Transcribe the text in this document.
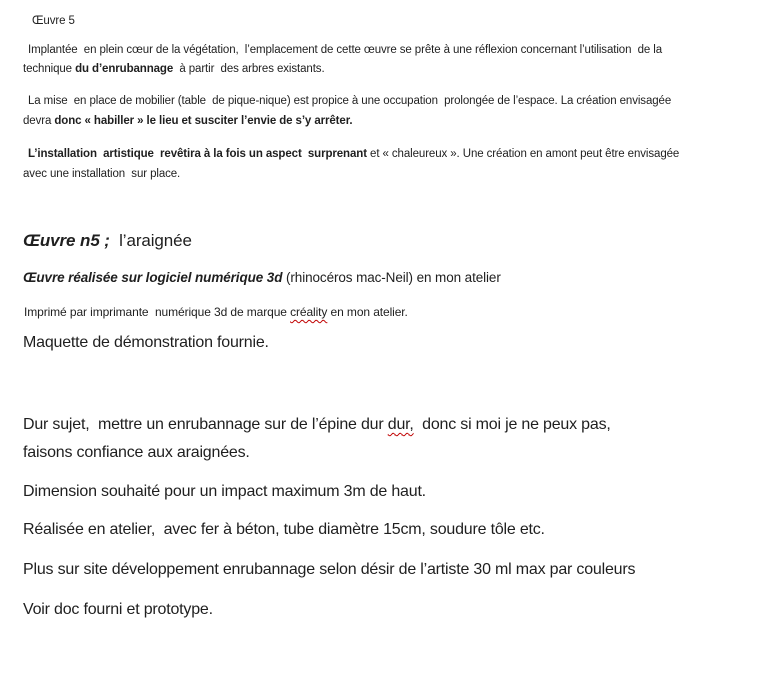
Œuvre 5
Implantée  en plein cœur de la végétation,  l’emplacement de cette œuvre se prête à une réflexion concernant l’utilisation  de la
technique du d’enrubannage  à partir  des arbres existants.
La mise  en place de mobilier (table  de pique-nique) est propice à une occupation  prolongée de l’espace. La création envisagée
devra donc « habiller » le lieu et susciter l’envie de s’y arrêter.
L’installation  artistique  revêtira à la fois un aspect  surprenant et « chaleureux ». Une création en amont peut être envisagée
avec une installation  sur place.
Œuvre n5 ;  l’araignée
Œuvre réalisée sur logiciel numérique 3d (rhinocéros mac-Neil) en mon atelier
Imprimé par imprimante  numérique 3d de marque créality en mon atelier.
Maquette de démonstration fournie.
Dur sujet,  mettre un enrubannage sur de l’épine dur dur,  donc si moi je ne peux pas,
faisons confiance aux araignées.
Dimension souhaité pour un impact maximum 3m de haut.
Réalisée en atelier,  avec fer à béton, tube diamètre 15cm, soudure tôle etc.
Plus sur site développement enrubannage selon désir de l’artiste 30 ml max par couleurs
Voir doc fourni et prototype.
